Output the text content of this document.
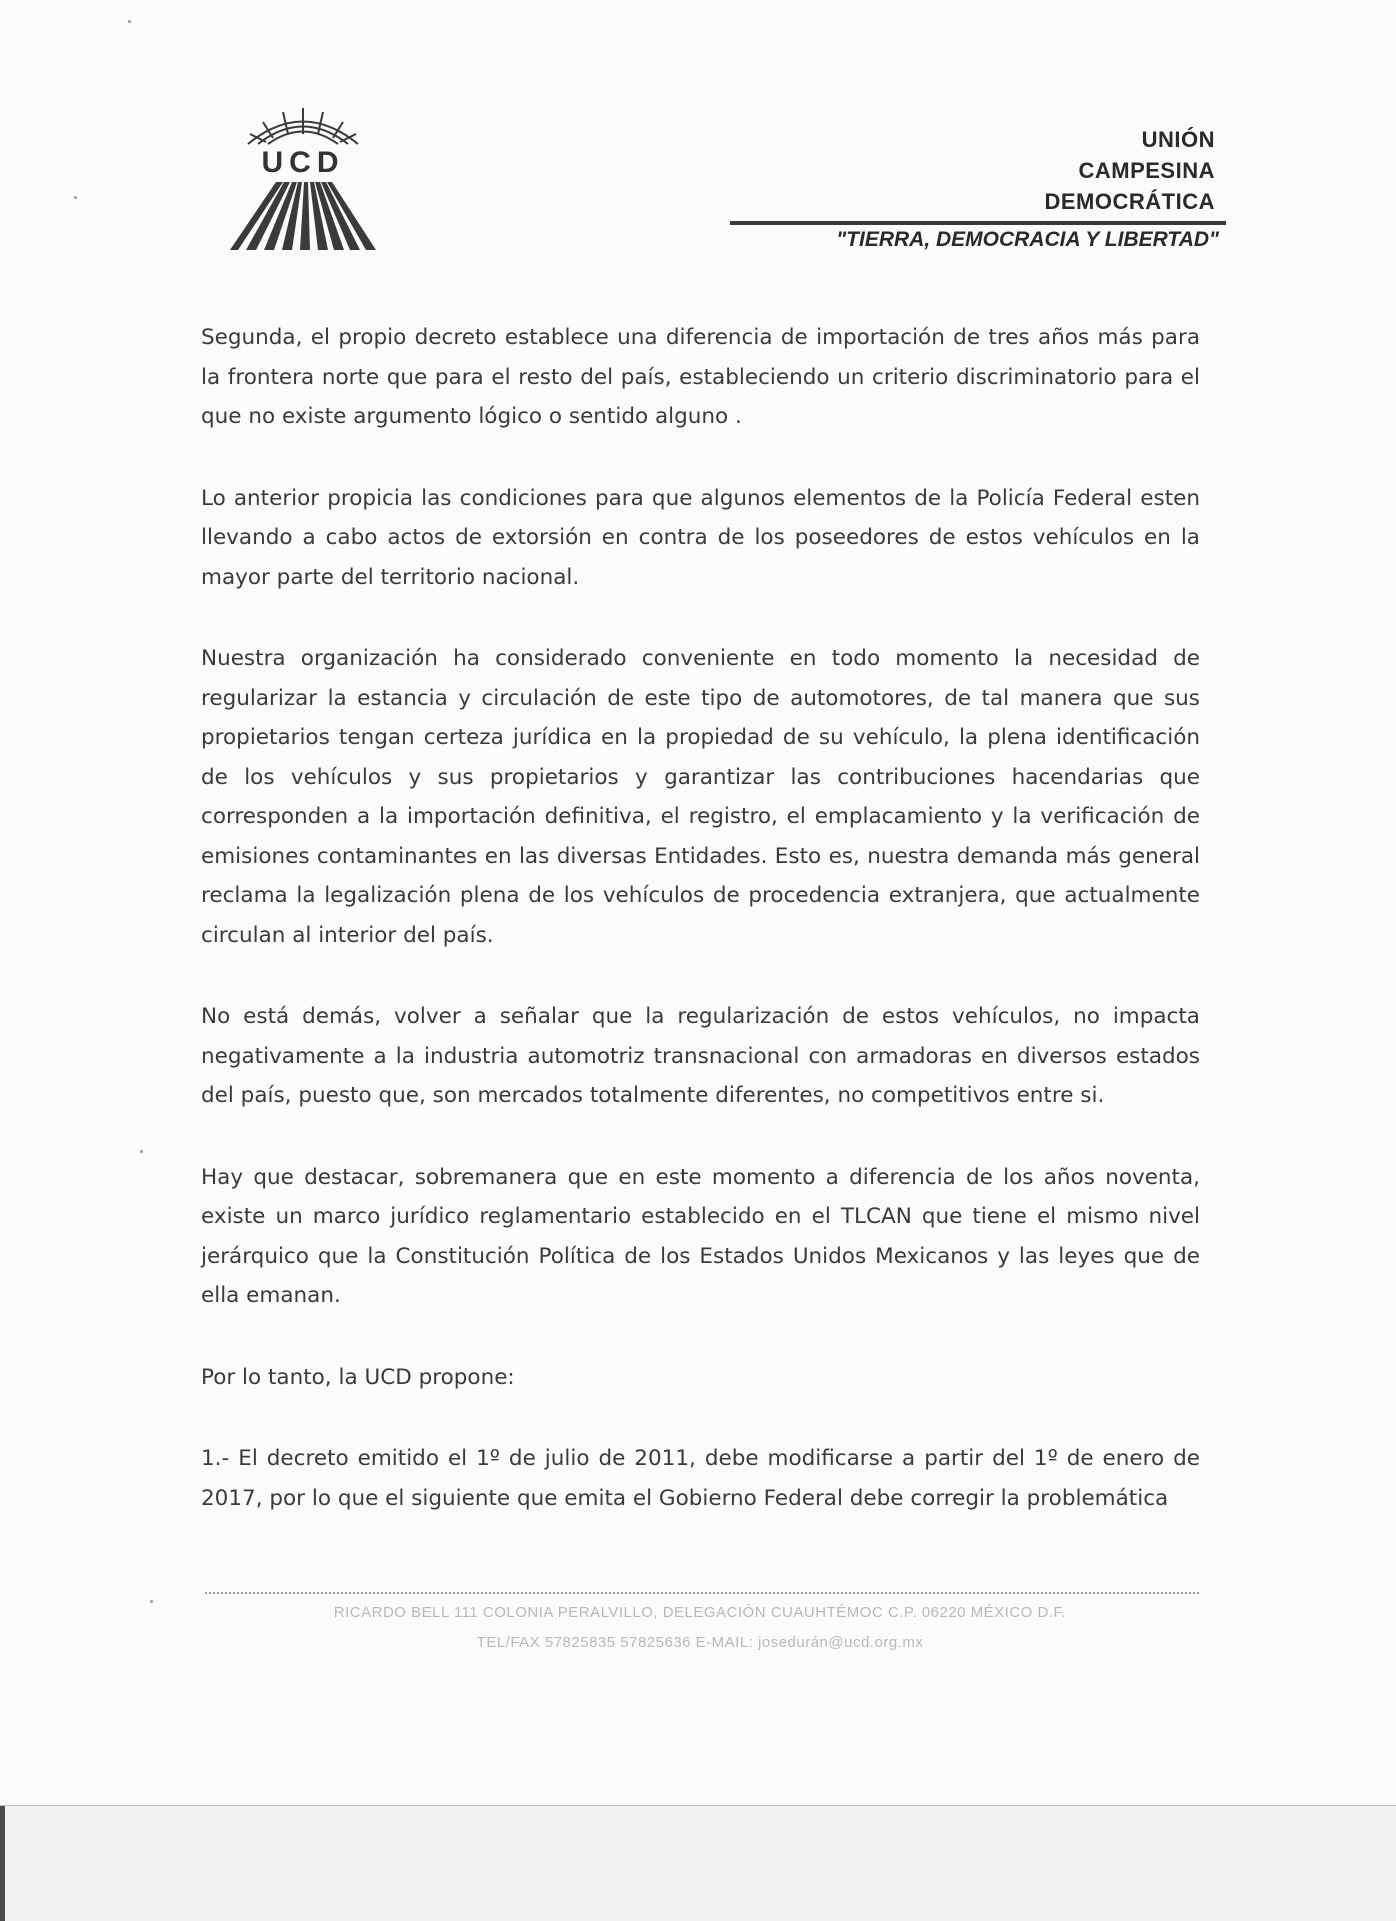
UCD
UNIÓN
CAMPESINA
DEMOCRÁTICA
"TIERRA, DEMOCRACIA Y LIBERTAD"

Segunda, el propio decreto establece una diferencia de importación de tres años más para la frontera norte que para el resto del país, estableciendo un criterio discriminatorio para el que no existe argumento lógico o sentido alguno .

Lo anterior propicia las condiciones para que algunos elementos de la Policía Federal esten llevando a cabo actos de extorsión en contra de los poseedores de estos vehículos en la mayor parte del territorio nacional.

Nuestra organización ha considerado conveniente en todo momento la necesidad de regularizar la estancia y circulación de este tipo de automotores, de tal manera que sus propietarios tengan certeza jurídica en la propiedad de su vehículo, la plena identificación de los vehículos y sus propietarios y garantizar las contribuciones hacendarias que corresponden a la importación definitiva, el registro, el emplacamiento y la verificación de emisiones contaminantes en las diversas Entidades. Esto es, nuestra demanda más general reclama la legalización plena de los vehículos de procedencia extranjera, que actualmente circulan al interior del país.

No está demás, volver a señalar que la regularización de estos vehículos, no impacta negativamente a la industria automotriz transnacional con armadoras en diversos estados del país, puesto que, son mercados totalmente diferentes, no competitivos entre si.

Hay que destacar, sobremanera que en este momento a diferencia de los años noventa, existe un marco jurídico reglamentario establecido en el TLCAN que tiene el mismo nivel jerárquico que la Constitución Política de los Estados Unidos Mexicanos y las leyes que de ella emanan.

Por lo tanto, la UCD propone:

1.- El decreto emitido el 1º de julio de 2011, debe modificarse a partir del 1º de enero de 2017, por lo que el siguiente que emita el Gobierno Federal debe corregir la problemática

RICARDO BELL 111 COLONIA PERALVILLO, DELEGACIÓN CUAUHTÉMOC C.P. 06220 MÉXICO D.F.
TEL/FAX 57825835 57825636 E-MAIL: josedurán@ucd.org.mx
